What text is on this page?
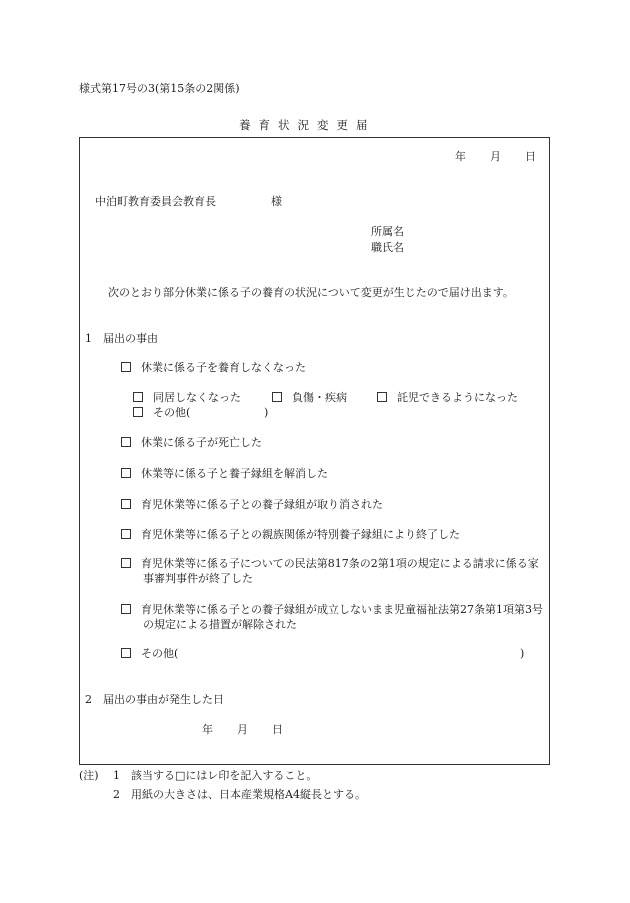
様式第17号の3(第15条の2関係)
養育状況変更届
年 月 日
中泊町教育委員会教育長	様
所属名
職氏名
次のとおり部分休業に係る子の養育の状況について変更が生じたので届け出ます。
1　届出の事由
休業に係る子を養育しなくなった
同居しなくなった	負傷・疾病	託児できるようになった
その他(	)
休業に係る子が死亡した
休業等に係る子と養子縁組を解消した
育児休業等に係る子との養子縁組が取り消された
育児休業等に係る子との親族関係が特別養子縁組により終了した
育児休業等に係る子についての民法第817条の2第1項の規定による請求に係る家事審判事件が終了した
育児休業等に係る子との養子縁組が成立しないまま児童福祉法第27条第1項第3号の規定による措置が解除された
その他(	)
2　届出の事由が発生した日
年 月 日
(注) 1　該当する□にはレ印を記入すること。
2　用紙の大きさは、日本産業規格A4縦長とする。
